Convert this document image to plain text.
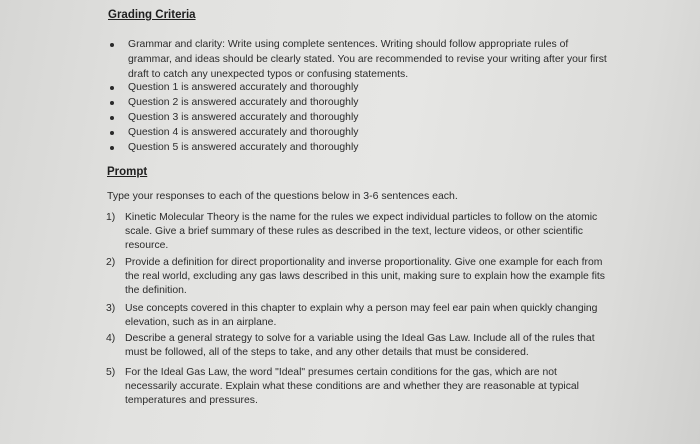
Grading Criteria
Grammar and clarity: Write using complete sentences. Writing should follow appropriate rules of grammar, and ideas should be clearly stated. You are recommended to revise your writing after your first draft to catch any unexpected typos or confusing statements.
Question 1 is answered accurately and thoroughly
Question 2 is answered accurately and thoroughly
Question 3 is answered accurately and thoroughly
Question 4 is answered accurately and thoroughly
Question 5 is answered accurately and thoroughly
Prompt
Type your responses to each of the questions below in 3-6 sentences each.
1) Kinetic Molecular Theory is the name for the rules we expect individual particles to follow on the atomic scale. Give a brief summary of these rules as described in the text, lecture videos, or other scientific resource.
2) Provide a definition for direct proportionality and inverse proportionality. Give one example for each from the real world, excluding any gas laws described in this unit, making sure to explain how the example fits the definition.
3) Use concepts covered in this chapter to explain why a person may feel ear pain when quickly changing elevation, such as in an airplane.
4) Describe a general strategy to solve for a variable using the Ideal Gas Law. Include all of the rules that must be followed, all of the steps to take, and any other details that must be considered.
5) For the Ideal Gas Law, the word "Ideal" presumes certain conditions for the gas, which are not necessarily accurate. Explain what these conditions are and whether they are reasonable at typical temperatures and pressures.
